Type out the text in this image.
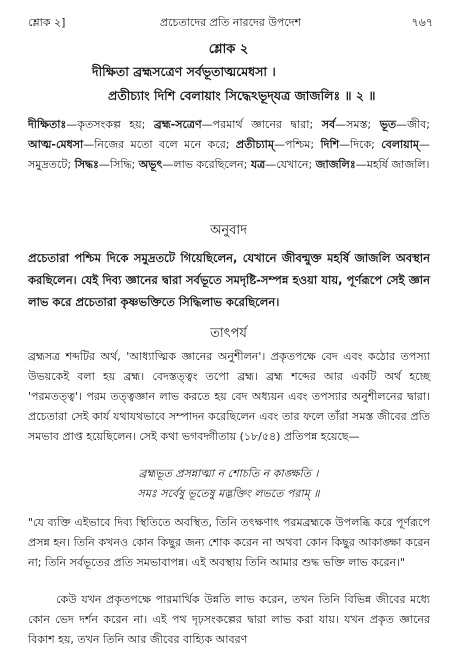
শ্লোক ২]	প্রচেতাদের প্রতি নারদের উপদেশ	৭৬৭
শ্লোক ২
দীক্ষিতা ব্রহ্মসত্রেণ সর্বভূতাত্মমেধসা ।
প্রতীচ্যাং দিশি বেলায়াং সিদ্ধেঽভূদ্‌যত্র জাজলিঃ ॥ ২ ॥
দীক্ষিতাঃ—কৃতসংকল্প হয়; ব্রহ্ম-সত্রেণ—পরমার্থ জ্ঞানের দ্বারা; সর্ব—সমস্ত; ভূত—জীব; আত্ম-মেধসা—নিজের মতো বলে মনে করে; প্রতীচ্যাম্—পশ্চিম; দিশি—দিকে; বেলায়াম্—সমুদ্রতটে; সিদ্ধঃ—সিদ্ধি; অভূৎ—লাভ করেছিলেন; যত্র—যেখানে; জাজলিঃ—মহর্ষি জাজলি।
অনুবাদ
প্রচেতারা পশ্চিম দিকে সমুদ্রতটে গিয়েছিলেন, যেখানে জীবন্মুক্ত মহর্ষি জাজলি অবস্থান করছিলেন। যেই দিব্য জ্ঞানের দ্বারা সর্বভূতে সমদৃষ্টি-সম্পন্ন হওয়া যায়, পূর্ণরূপে সেই জ্ঞান লাভ করে প্রচেতারা কৃষ্ণভক্তিতে সিদ্ধিলাভ করেছিলেন।
তাৎপর্য
ব্রহ্মসত্র শব্দটির অর্থ, 'আধ্যাত্মিক জ্ঞানের অনুশীলন'। প্রকৃতপক্ষে বেদ এবং কঠোর তপস্যা উভয়কেই বলা হয় ব্রহ্ম। বেদস্তত্ত্বং তপো ব্রহ্ম। ব্রহ্ম শব্দের আর একটি অর্থ হচ্ছে 'পরমতত্ত্ব'। পরম তত্ত্বজ্ঞান লাভ করতে হয় বেদ অধ্যয়ন এবং তপস্যার অনুশীলনের দ্বারা। প্রচেতারা সেই কার্য যথাযথভাবে সম্পাদন করেছিলেন এবং তার ফলে তাঁরা সমস্ত জীবের প্রতি সমভাব প্রাপ্ত হয়েছিলেন। সেই কথা ভগবদ্গীতায় (১৮/৫৪) প্রতিপন্ন হয়েছে—
ব্রহ্মভূত প্রসন্নাত্মা ন শোচতি ন কাঙ্ক্ষতি ।
সমঃ সর্বেষু ভূতেষু মদ্ভক্তিং লভতে পরাম্ ॥
"যে ব্যক্তি এইভাবে দিব্য স্থিতিতে অবস্থিত, তিনি তৎক্ষণাৎ পরমব্রহ্মকে উপলব্ধি করে পূর্ণরূপে প্রসন্ন হন। তিনি কখনও কোন কিছুর জন্য শোক করেন না অথবা কোন কিছুর আকাঙ্ক্ষা করেন না; তিনি সর্বভূতের প্রতি সমভাবাপন্ন। এই অবস্থায় তিনি আমার শুদ্ধ ভক্তি লাভ করেন।"
কেউ যখন প্রকৃতপক্ষে পারমার্থিক উন্নতি লাভ করেন, তখন তিনি বিভিন্ন জীবের মধ্যে কোন ভেদ দর্শন করেন না। এই পথ দৃঢ়সংকল্পের দ্বারা লাভ করা যায়। যখন প্রকৃত জ্ঞানের বিকাশ হয়, তখন তিনি আর জীবের বাহ্যিক আবরণ
